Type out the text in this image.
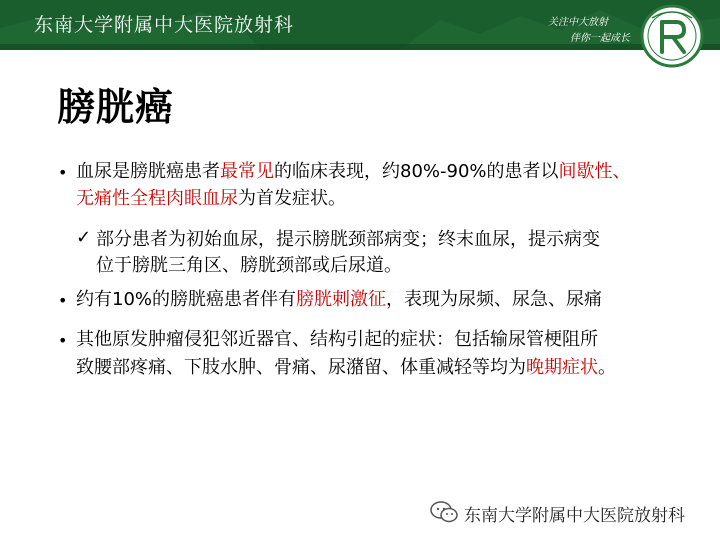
东南大学附属中大医院放射科	关注中大放射
伴你一起成长
膀胱癌
• 血尿是膀胱癌患者最常见的临床表现，约80%-90%的患者以间歇性、
无痛性全程肉眼血尿为首发症状。
✓ 部分患者为初始血尿，提示膀胱颈部病变；终末血尿，提示病变
位于膀胱三角区、膀胱颈部或后尿道。
• 约有10%的膀胱癌患者伴有膀胱刺激征，表现为尿频、尿急、尿痛
• 其他原发肿瘤侵犯邻近器官、结构引起的症状：包括输尿管梗阻所
致腰部疼痛、下肢水肿、骨痛、尿潴留、体重减轻等均为晚期症状。
东南大学附属中大医院放射科
